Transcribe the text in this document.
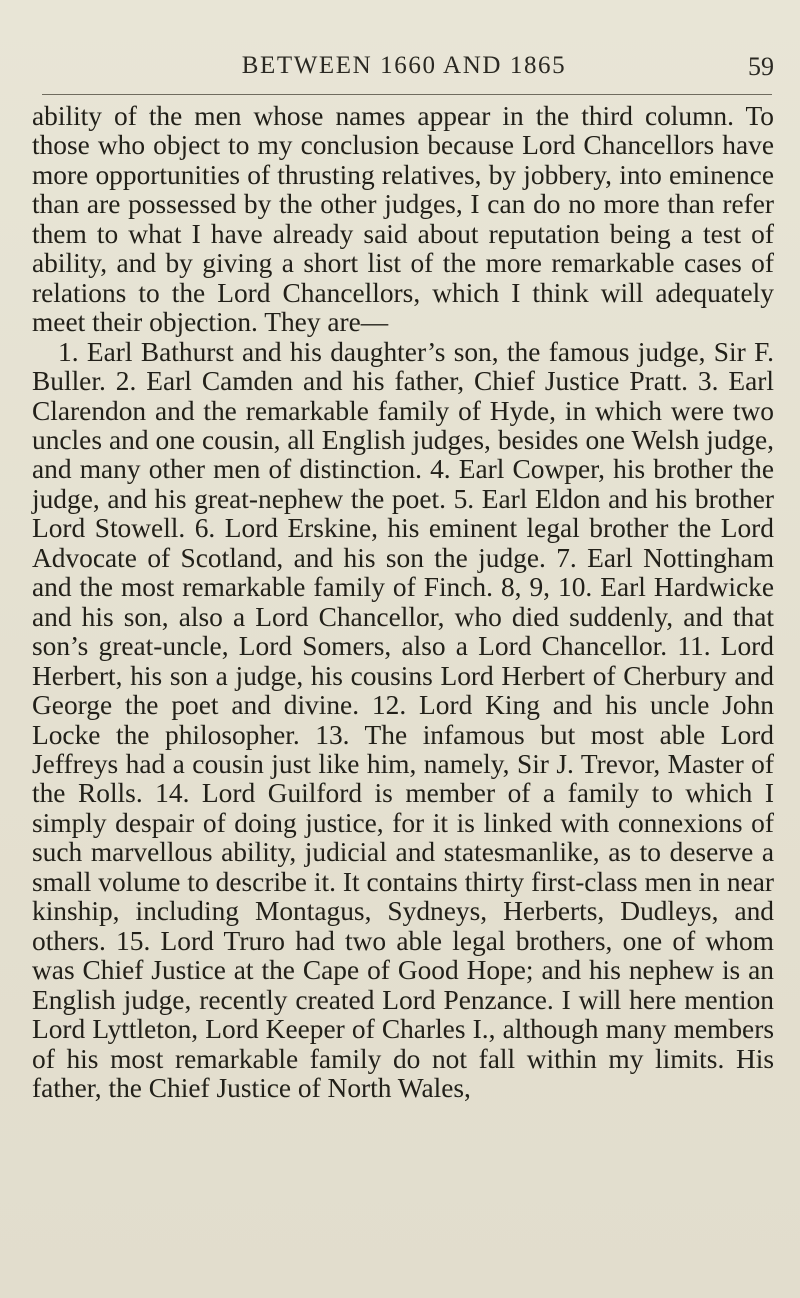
BETWEEN 1660 AND 1865	59

ability of the men whose names appear in the third column. To those who object to my conclusion because Lord Chancellors have more opportunities of thrusting relatives, by jobbery, into eminence than are possessed by the other judges, I can do no more than refer them to what I have already said about reputation being a test of ability, and by giving a short list of the more remarkable cases of relations to the Lord Chancellors, which I think will adequately meet their objection. They are—

1. Earl Bathurst and his daughter’s son, the famous judge, Sir F. Buller. 2. Earl Camden and his father, Chief Justice Pratt. 3. Earl Clarendon and the remarkable family of Hyde, in which were two uncles and one cousin, all English judges, besides one Welsh judge, and many other men of distinction. 4. Earl Cowper, his brother the judge, and his great-nephew the poet. 5. Earl Eldon and his brother Lord Stowell. 6. Lord Erskine, his eminent legal brother the Lord Advocate of Scotland, and his son the judge. 7. Earl Nottingham and the most remarkable family of Finch. 8, 9, 10. Earl Hardwicke and his son, also a Lord Chancellor, who died suddenly, and that son’s great-uncle, Lord Somers, also a Lord Chancellor. 11. Lord Herbert, his son a judge, his cousins Lord Herbert of Cherbury and George the poet and divine. 12. Lord King and his uncle John Locke the philosopher. 13. The infamous but most able Lord Jeffreys had a cousin just like him, namely, Sir J. Trevor, Master of the Rolls. 14. Lord Guilford is member of a family to which I simply despair of doing justice, for it is linked with connexions of such marvellous ability, judicial and statesmanlike, as to deserve a small volume to describe it. It contains thirty first-class men in near kinship, including Montagus, Sydneys, Herberts, Dudleys, and others. 15. Lord Truro had two able legal brothers, one of whom was Chief Justice at the Cape of Good Hope; and his nephew is an English judge, recently created Lord Penzance. I will here mention Lord Lyttleton, Lord Keeper of Charles I., although many members of his most remarkable family do not fall within my limits. His father, the Chief Justice of North Wales,
